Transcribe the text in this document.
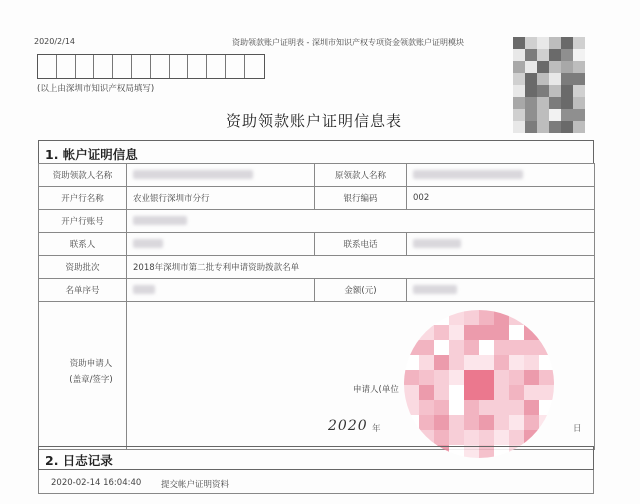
2020/2/14	资助领款账户证明表 - 深圳市知识产权专项资金领款账户证明模块
(以上由深圳市知识产权局填写)
资助领款账户证明信息表
1. 帐户证明信息
资助领款人名称		原领款人名称	
开户行名称	农业银行深圳市分行	银行编码	002
开户行账号			
联系人		联系电话	
资助批次	2018年深圳市第二批专利申请资助拨款名单		
名单序号		金额(元)	

资助申请人
(盖章/签字)			

申请人(单位
2020 年	日
2. 日志记录
2020-02-14 16:04:40 提交帐户证明资料
